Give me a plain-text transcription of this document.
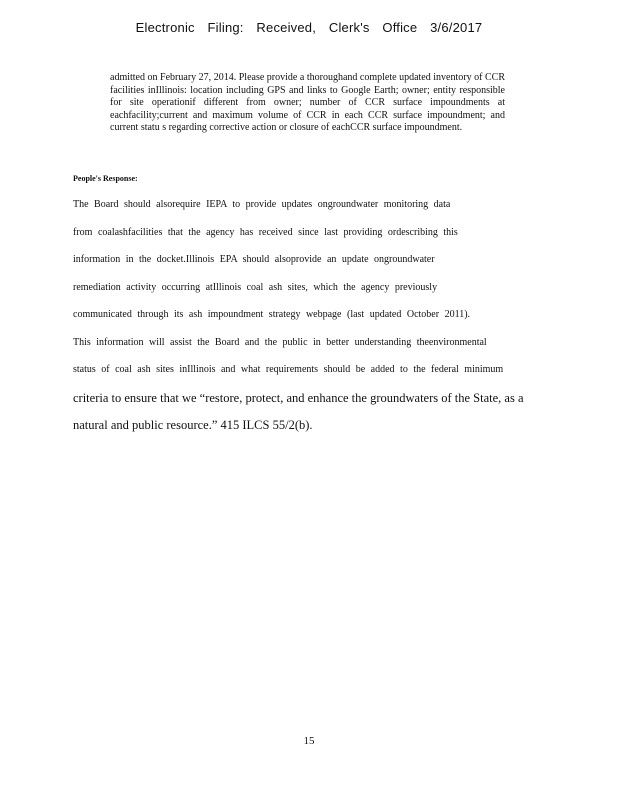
Electronic Filing: Received, Clerk's Office 3/6/2017

admitted on February 27, 2014. Please provide a thoroughand complete updated inventory of CCR facilities inIllinois: location including GPS and links to Google Earth; owner; entity responsible for site operationif different from owner; number of CCR surface impoundments at eachfacility;current and maximum volume of CCR in each CCR surface impoundment; and current statu s regarding corrective action or closure of eachCCR surface impoundment.

People's Response:

The Board should alsorequire IEPA to provide updates ongroundwater monitoring data
from coalashfacilities that the agency has received since last providing ordescribing this
information in the docket.Illinois EPA should alsoprovide an update ongroundwater
remediation activity occurring atIllinois coal ash sites, which the agency previously
communicated through its ash impoundment strategy webpage (last updated October 2011).
This information will assist the Board and the public in better understanding theenvironmental
status of coal ash sites inIllinois and what requirements should be added to the federal minimum
criteria to ensure that we “restore, protect, and enhance the groundwaters of the State, as a
natural and public resource.” 415 ILCS 55/2(b).
15
